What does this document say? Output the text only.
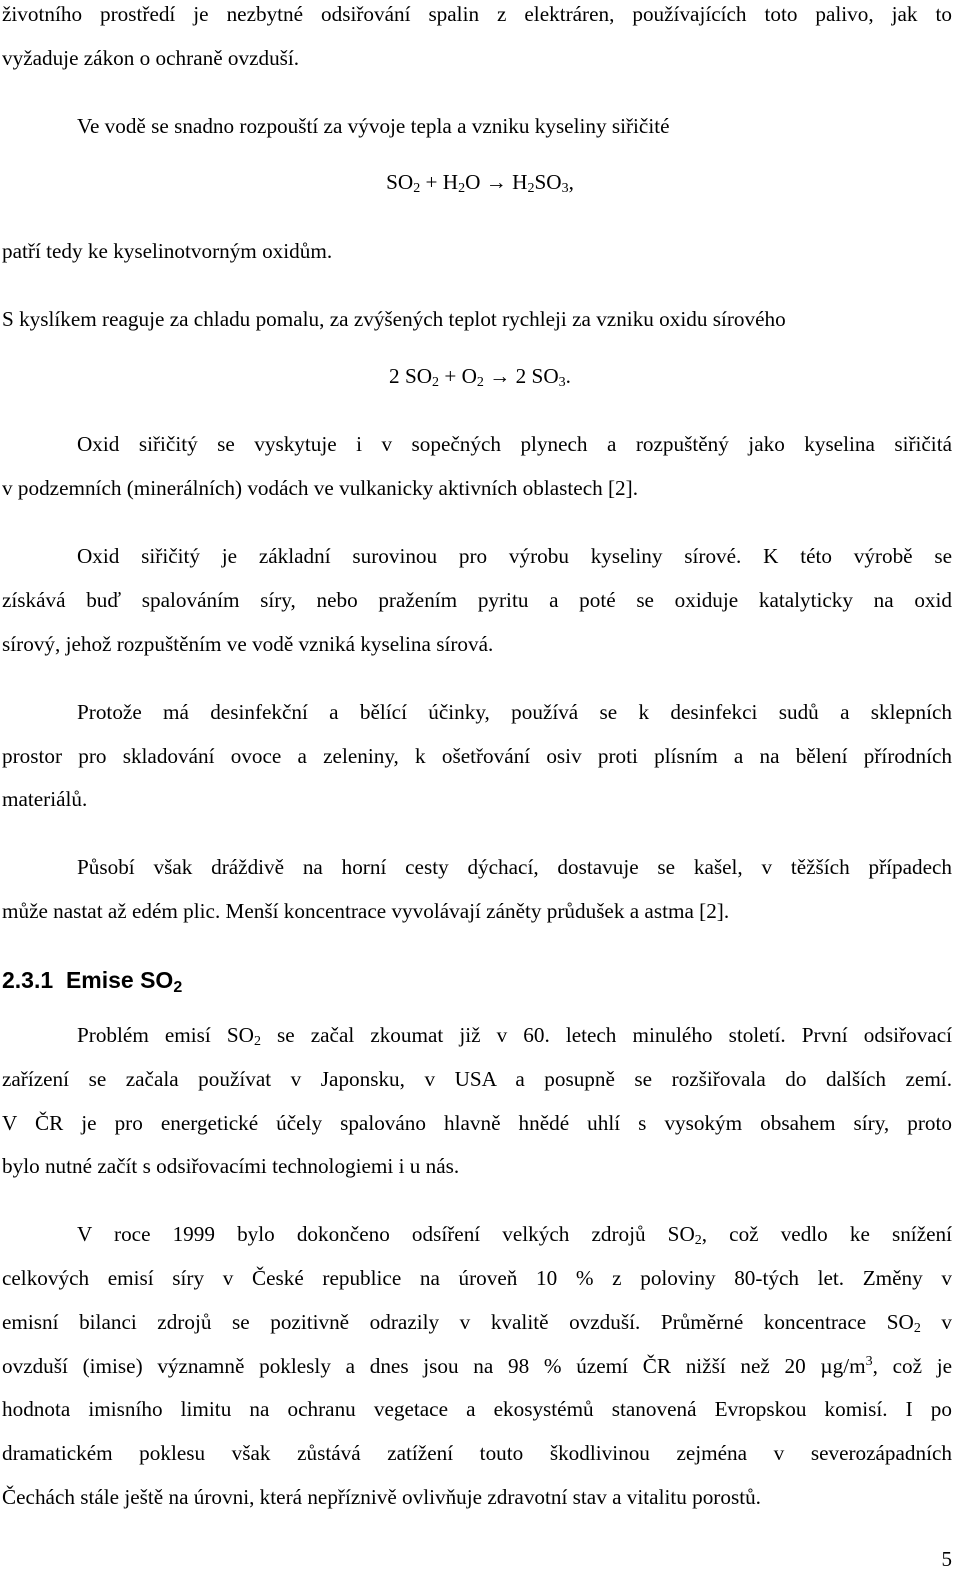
životního prostředí je nezbytné odsiřování spalin z elektráren, používajících toto palivo, jak to
vyžaduje zákon o ochraně ovzduší.
Ve vodě se snadno rozpouští za vývoje tepla a vzniku kyseliny siřičité
$SO_2 + H_2O \to H_2SO_3$,
patří tedy ke kyselinotvorným oxidům.
S kyslíkem reaguje za chladu pomalu, za zvýšených teplot rychleji za vzniku oxidu sírového
2 $SO_2 + O_2 \to 2$ $SO_3$.
Oxid siřičitý se vyskytuje i v sopečných plynech a rozpuštěný jako kyselina siřičitá
v podzemních (minerálních) vodách ve vulkanicky aktivních oblastech [2].
Oxid siřičitý je základní surovinou pro výrobu kyseliny sírové. K této výrobě se
získává buď spalováním síry, nebo pražením pyritu a poté se oxiduje katalyticky na oxid
sírový, jehož rozpuštěním ve vodě vzniká kyselina sírová.
Protože má desinfekční a bělící účinky, používá se k desinfekci sudů a sklepních
prostor pro skladování ovoce a zeleniny, k ošetřování osiv proti plísním a na bělení přírodních
materiálů.
Působí však dráždivě na horní cesty dýchací, dostavuje se kašel, v těžších případech
může nastat až edém plic. Menší koncentrace vyvolávají záněty průdušek a astma [2].
2.3.1 Emise $SO_2$
Problém emisí $SO_2$ se začal zkoumat již v 60. letech minulého století. První odsiřovací
zařízení se začala používat v Japonsku, v USA a posupně se rozšiřovala do dalších zemí.
V ČR je pro energetické účely spalováno hlavně hnědé uhlí s vysokým obsahem síry, proto
bylo nutné začít s odsiřovacími technologiemi i u nás.
V roce 1999 bylo dokončeno odsíření velkých zdrojů $SO_2$, což vedlo ke snížení
celkových emisí síry v České republice na úroveň 10 % z poloviny 80-tých let. Změny v
emisní bilanci zdrojů se pozitivně odrazily v kvalitě ovzduší. Průměrné koncentrace $SO_2$ v
ovzduší (imise) významně poklesly a dnes jsou na 98 % území ČR nižší než 20 $\mu g/m^3$, což je
hodnota imisního limitu na ochranu vegetace a ekosystémů stanovená Evropskou komisí. I po
dramatickém poklesu však zůstává zatížení touto škodlivinou zejména v severozápadních
Čechách stále ještě na úrovni, která nepříznivě ovlivňuje zdravotní stav a vitalitu porostů.
5
